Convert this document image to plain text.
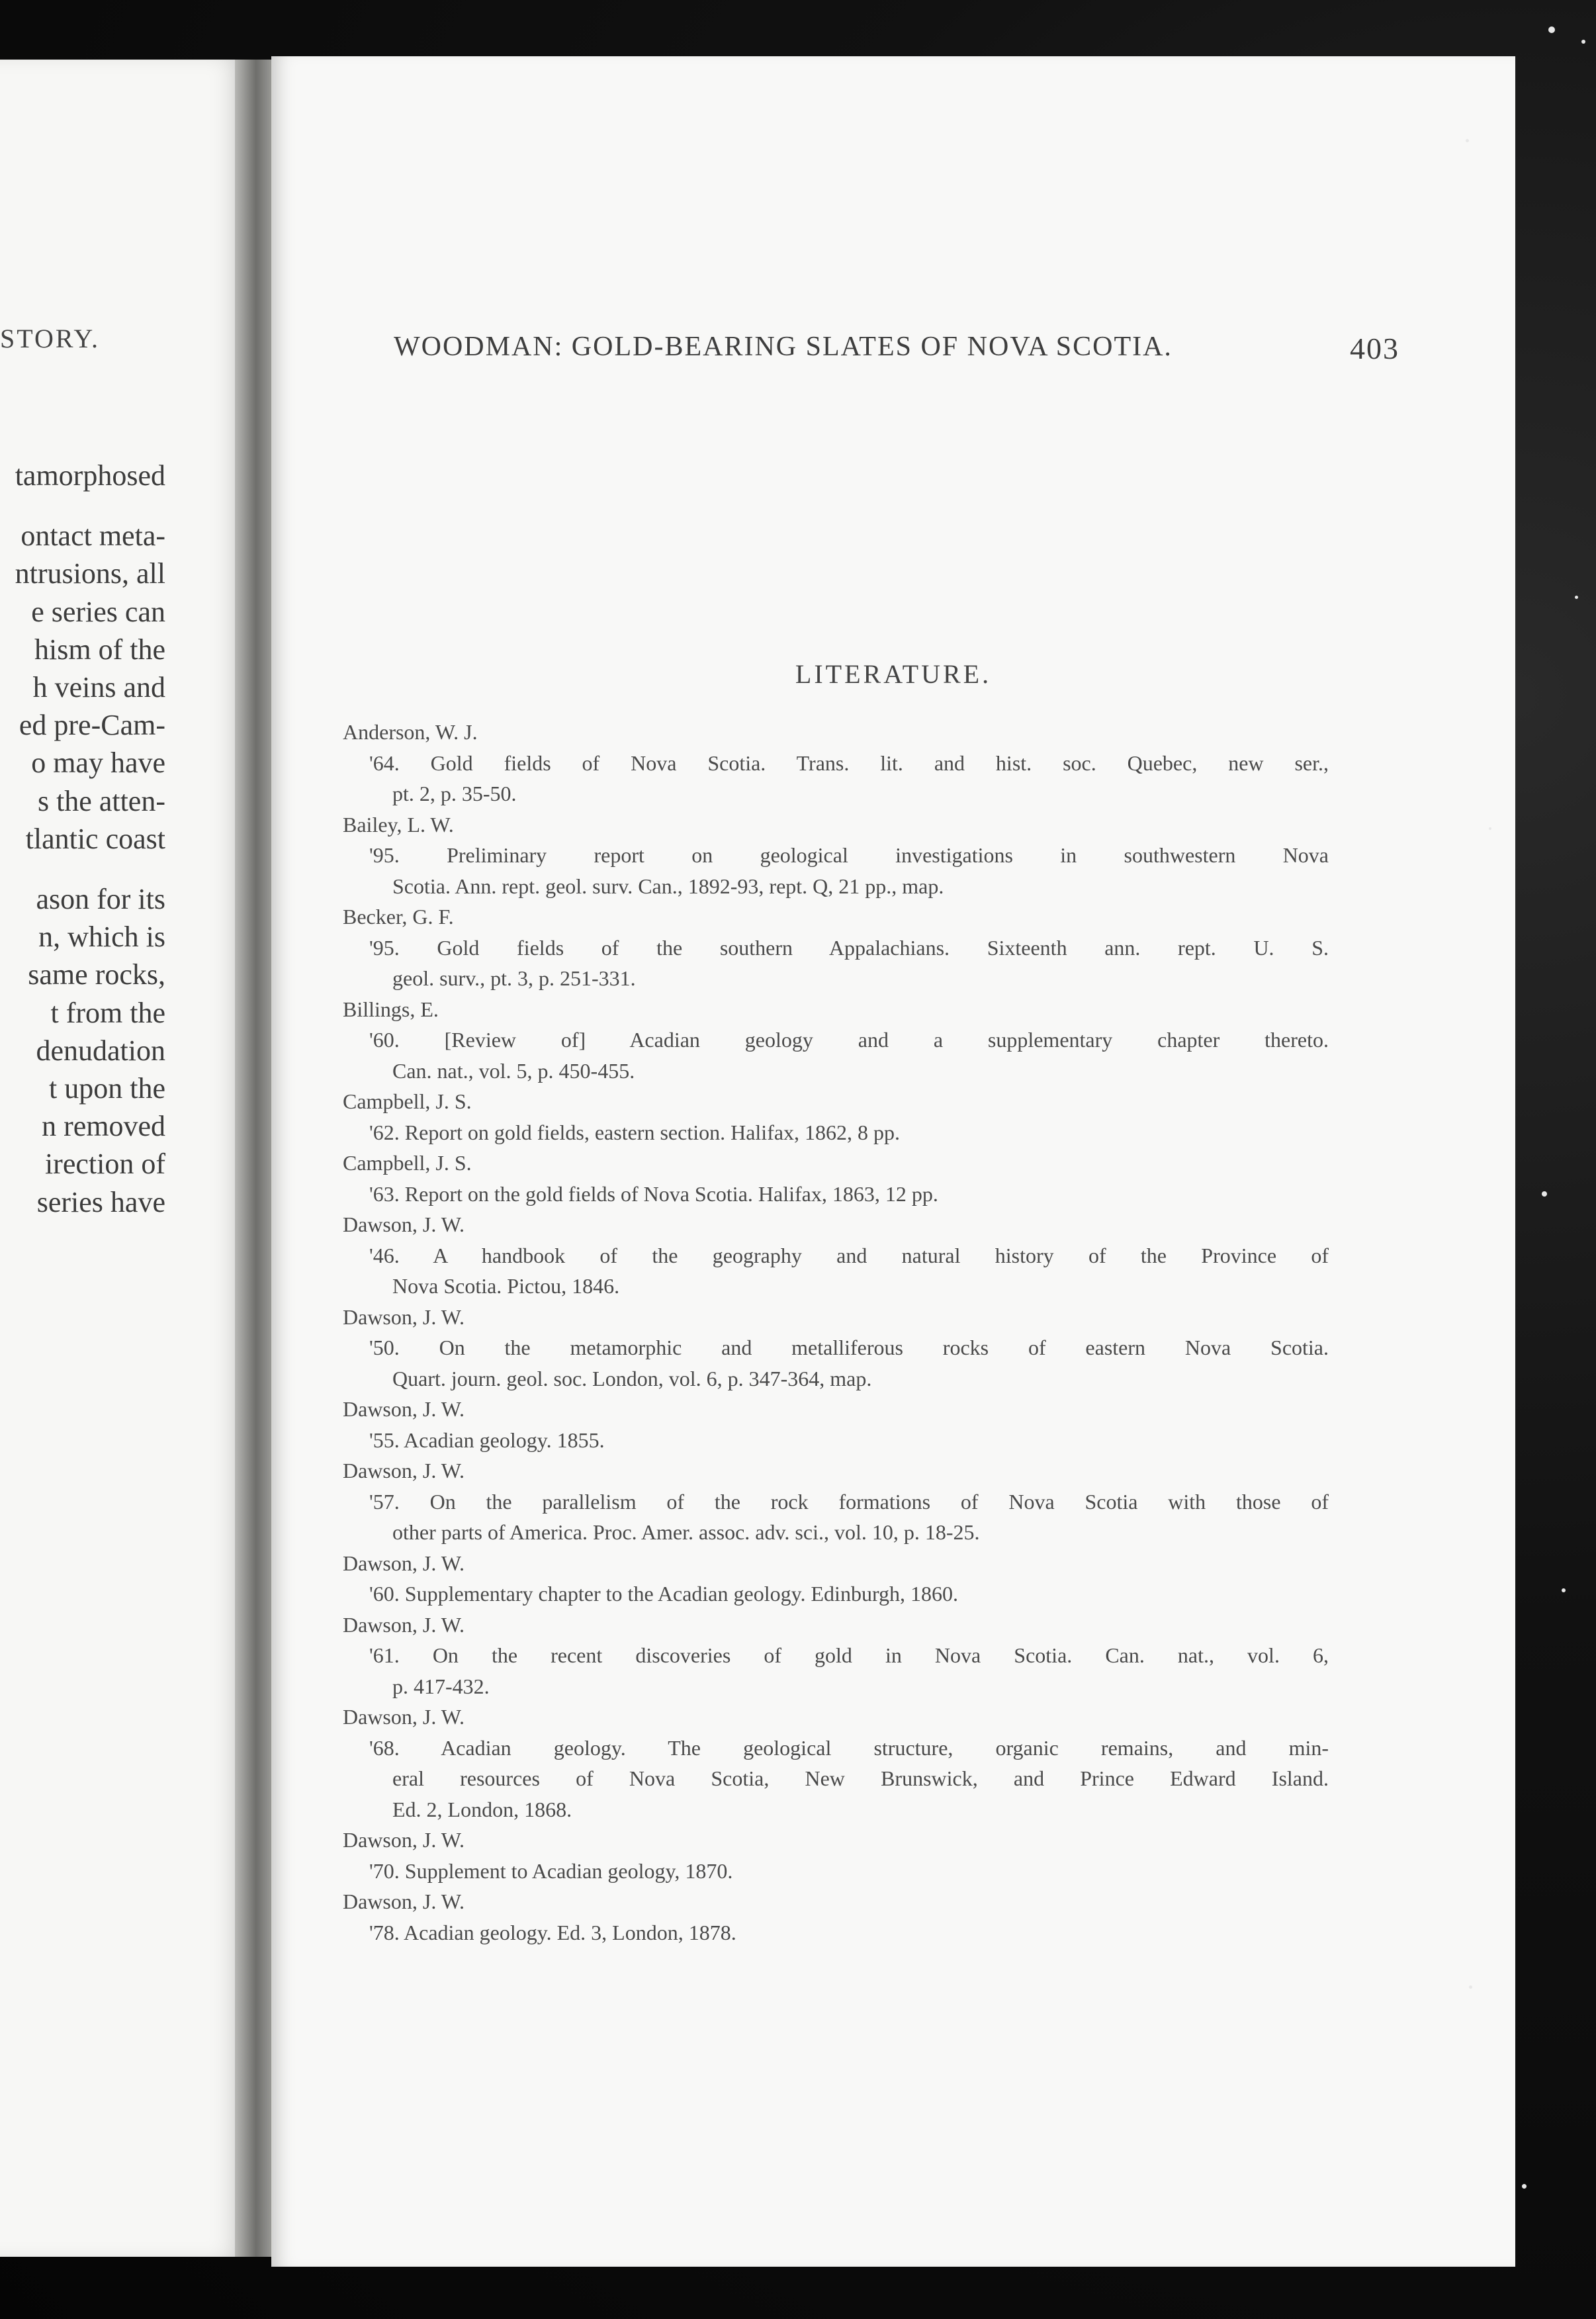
STORY.
tamorphosed
ontact meta-
ntrusions, all
e series can
hism of the
h veins and
ed pre-Cam-
o may have
s the atten-
tlantic coast
ason for its
n, which is
same rocks,
t from the
denudation
t upon the
n removed
irection of
series have
WOODMAN: GOLD-BEARING SLATES OF NOVA SCOTIA.	403
LITERATURE.
Anderson, W. J.
'64. Gold fields of Nova Scotia. Trans. lit. and hist. soc. Quebec, new ser.,
pt. 2, p. 35-50.
Bailey, L. W.
'95. Preliminary report on geological investigations in southwestern Nova
Scotia. Ann. rept. geol. surv. Can., 1892-93, rept. Q, 21 pp., map.
Becker, G. F.
'95. Gold fields of the southern Appalachians. Sixteenth ann. rept. U. S.
geol. surv., pt. 3, p. 251-331.
Billings, E.
'60. [Review of] Acadian geology and a supplementary chapter thereto.
Can. nat., vol. 5, p. 450-455.
Campbell, J. S.
'62. Report on gold fields, eastern section. Halifax, 1862, 8 pp.
Campbell, J. S.
'63. Report on the gold fields of Nova Scotia. Halifax, 1863, 12 pp.
Dawson, J. W.
'46. A handbook of the geography and natural history of the Province of
Nova Scotia. Pictou, 1846.
Dawson, J. W.
'50. On the metamorphic and metalliferous rocks of eastern Nova Scotia.
Quart. journ. geol. soc. London, vol. 6, p. 347-364, map.
Dawson, J. W.
'55. Acadian geology. 1855.
Dawson, J. W.
'57. On the parallelism of the rock formations of Nova Scotia with those of
other parts of America. Proc. Amer. assoc. adv. sci., vol. 10, p. 18-25.
Dawson, J. W.
'60. Supplementary chapter to the Acadian geology. Edinburgh, 1860.
Dawson, J. W.
'61. On the recent discoveries of gold in Nova Scotia. Can. nat., vol. 6,
p. 417-432.
Dawson, J. W.
'68. Acadian geology. The geological structure, organic remains, and min-
eral resources of Nova Scotia, New Brunswick, and Prince Edward Island.
Ed. 2, London, 1868.
Dawson, J. W.
'70. Supplement to Acadian geology, 1870.
Dawson, J. W.
'78. Acadian geology. Ed. 3, London, 1878.
